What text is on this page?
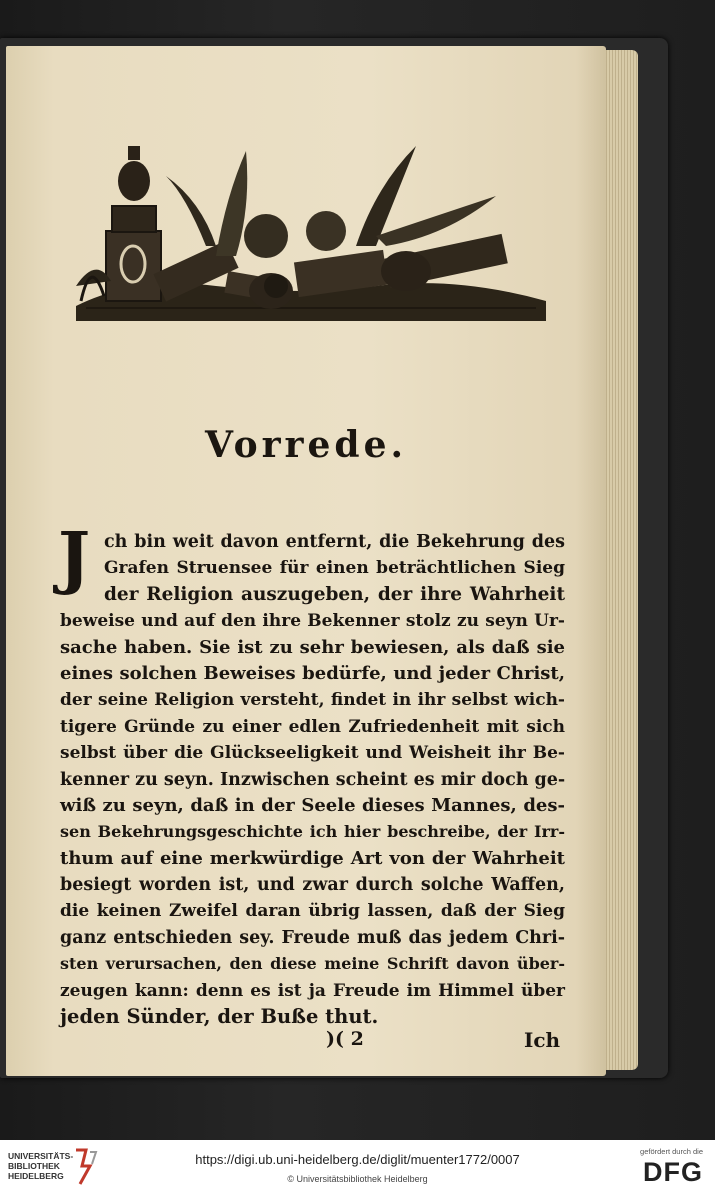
Vorrede.
ch bin weit davon entfernt, die Bekehrung des
Grafen Struensee für einen beträchtlichen Sieg
der Religion auszugeben, der ihre Wahrheit
beweise und auf den ihre Bekenner stolz zu seyn Ur-
sache haben. Sie ist zu sehr bewiesen, als daß sie
eines solchen Beweises bedürfe, und jeder Christ,
der seine Religion versteht, findet in ihr selbst wich-
tigere Gründe zu einer edlen Zufriedenheit mit sich
selbst über die Glückseeligkeit und Weisheit ihr Be-
kenner zu seyn. Inzwischen scheint es mir doch ge-
wiß zu seyn, daß in der Seele dieses Mannes, des-
sen Bekehrungsgeschichte ich hier beschreibe, der Irr-
thum auf eine merkwürdige Art von der Wahrheit
besiegt worden ist, und zwar durch solche Waffen,
die keinen Zweifel daran übrig lassen, daß der Sieg
ganz entschieden sey. Freude muß das jedem Chri-
sten verursachen, den diese meine Schrift davon über-
zeugen kann: denn es ist ja Freude im Himmel über
jeden Sünder, der Buße thut.
J
)( 2	Ich
UNIVERSITÄTS-
BIBLIOTHEK
HEIDELBERG
https://digi.ub.uni-heidelberg.de/diglit/muenter1772/0007
© Universitätsbibliothek Heidelberg
gefördert durch die
DFG
